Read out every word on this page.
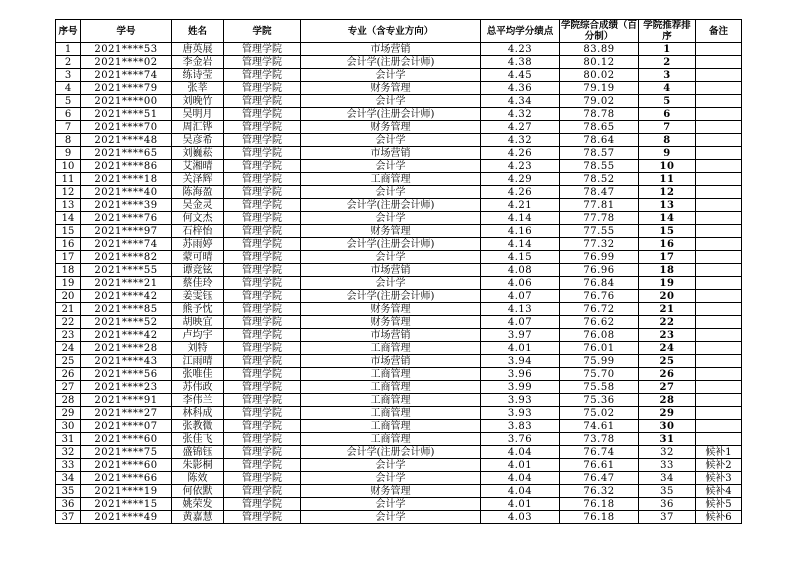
序号	学号	姓名	学院	专业（含专业方向）	总平均学分绩点	学院综合成绩（百分制）	学院推荐排序	备注
1	2021****53	唐英展	管理学院	市场营销	4.23	83.89	1	
2	2021****02	李金岩	管理学院	会计学(注册会计师)	4.38	80.12	2	
3	2021****74	练诗莹	管理学院	会计学	4.45	80.02	3	
4	2021****79	张莘	管理学院	财务管理	4.36	79.19	4	
5	2021****00	刘晚竹	管理学院	会计学	4.34	79.02	5	
6	2021****51	吴明月	管理学院	会计学(注册会计师)	4.32	78.78	6	
7	2021****70	周汇铧	管理学院	财务管理	4.27	78.65	7	
8	2021****48	吴彦希	管理学院	会计学	4.32	78.64	8	
9	2021****65	刘巍菘	管理学院	市场营销	4.26	78.57	9	
10	2021****86	艾湘晴	管理学院	会计学	4.23	78.55	10	
11	2021****18	关泽辉	管理学院	工商管理	4.29	78.52	11	
12	2021****40	陈海盈	管理学院	会计学	4.26	78.47	12	
13	2021****39	吴金灵	管理学院	会计学(注册会计师)	4.21	77.81	13	
14	2021****76	何文杰	管理学院	会计学	4.14	77.78	14	
15	2021****97	石梓怡	管理学院	财务管理	4.16	77.55	15	
16	2021****74	苏雨婷	管理学院	会计学(注册会计师)	4.14	77.32	16	
17	2021****82	蒙可晴	管理学院	会计学	4.15	76.99	17	
18	2021****55	谭竞铉	管理学院	市场营销	4.08	76.96	18	
19	2021****21	蔡佳玲	管理学院	会计学	4.06	76.84	19	
20	2021****42	姜雯钰	管理学院	会计学(注册会计师)	4.07	76.76	20	
21	2021****85	熊予忱	管理学院	财务管理	4.13	76.72	21	
22	2021****52	胡映宜	管理学院	财务管理	4.07	76.62	22	
23	2021****42	卢均宇	管理学院	市场营销	3.97	76.08	23	
24	2021****28	刘特	管理学院	工商管理	4.01	76.01	24	
25	2021****43	江雨晴	管理学院	市场营销	3.94	75.99	25	
26	2021****56	张唯佳	管理学院	工商管理	3.96	75.70	26	
27	2021****23	苏伟政	管理学院	工商管理	3.99	75.58	27	
28	2021****91	李伟兰	管理学院	工商管理	3.93	75.36	28	
29	2021****27	林科成	管理学院	工商管理	3.93	75.02	29	
30	2021****07	张教微	管理学院	工商管理	3.83	74.61	30	
31	2021****60	张佳飞	管理学院	工商管理	3.76	73.78	31	
32	2021****75	盛锦钰	管理学院	会计学(注册会计师)	4.04	76.74	32	候补1
33	2021****60	朱影桐	管理学院	会计学	4.01	76.61	33	候补2
34	2021****66	陈效	管理学院	会计学	4.04	76.47	34	候补3
35	2021****19	何依默	管理学院	财务管理	4.04	76.32	35	候补4
36	2021****15	姚荣发	管理学院	会计学	4.01	76.18	36	候补5
37	2021****49	黄嘉慧	管理学院	会计学	4.03	76.18	37	候补6
